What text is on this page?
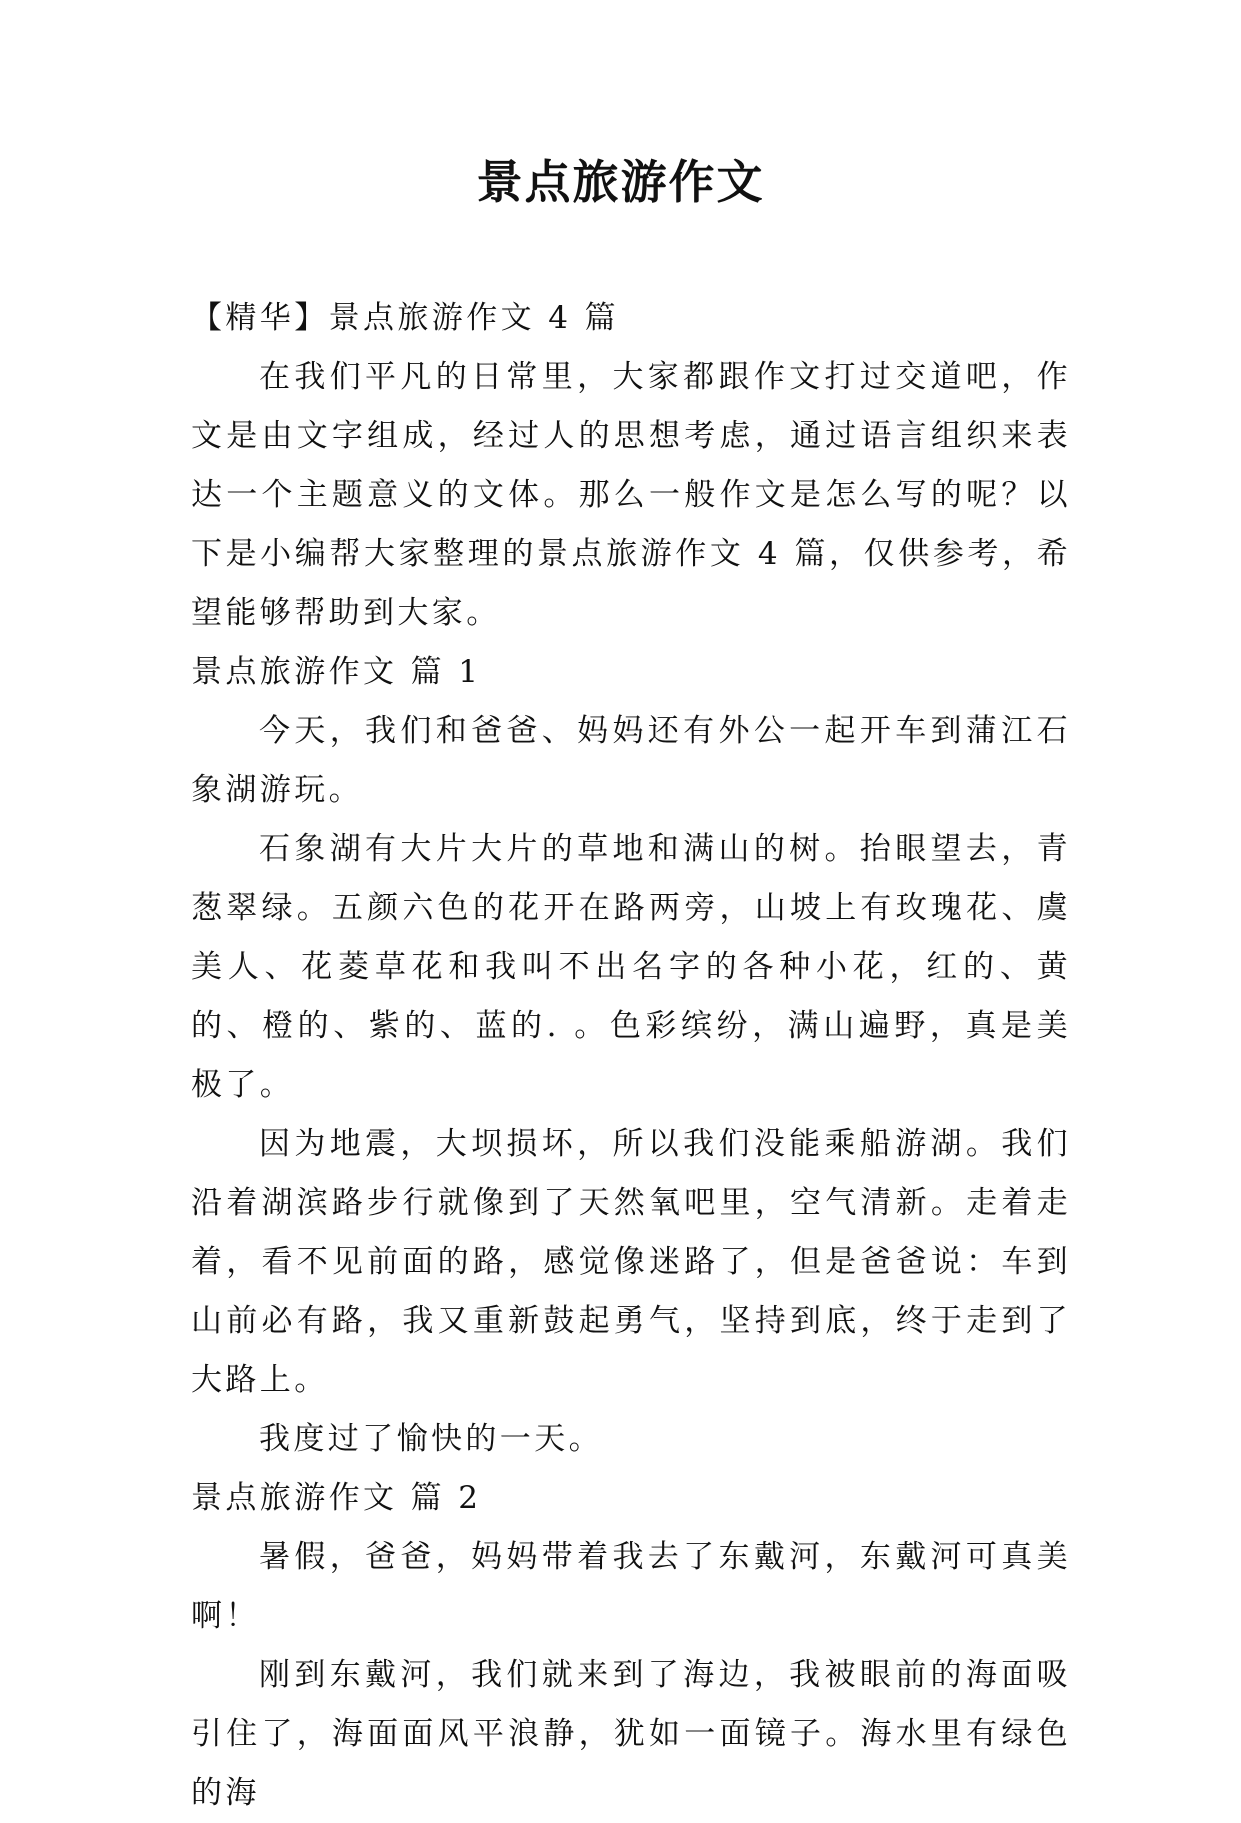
景点旅游作文

【精华】景点旅游作文 4 篇

在我们平凡的日常里，大家都跟作文打过交道吧，作文是由文字组成，经过人的思想考虑，通过语言组织来表达一个主题意义的文体。那么一般作文是怎么写的呢？以下是小编帮大家整理的景点旅游作文 4 篇，仅供参考，希望能够帮助到大家。

景点旅游作文 篇 1

今天，我们和爸爸、妈妈还有外公一起开车到蒲江石象湖游玩。

石象湖有大片大片的草地和满山的树。抬眼望去，青葱翠绿。五颜六色的花开在路两旁，山坡上有玫瑰花、虞美人、花菱草花和我叫不出名字的各种小花，红的、黄的、橙的、紫的、蓝的. 。色彩缤纷，满山遍野，真是美极了。

因为地震，大坝损坏，所以我们没能乘船游湖。我们沿着湖滨路步行就像到了天然氧吧里，空气清新。走着走着，看不见前面的路，感觉像迷路了，但是爸爸说：车到山前必有路，我又重新鼓起勇气，坚持到底，终于走到了大路上。

我度过了愉快的一天。

景点旅游作文 篇 2

暑假，爸爸，妈妈带着我去了东戴河，东戴河可真美啊！

刚到东戴河，我们就来到了海边，我被眼前的海面吸引住了，海面面风平浪静，犹如一面镜子。海水里有绿色的海
